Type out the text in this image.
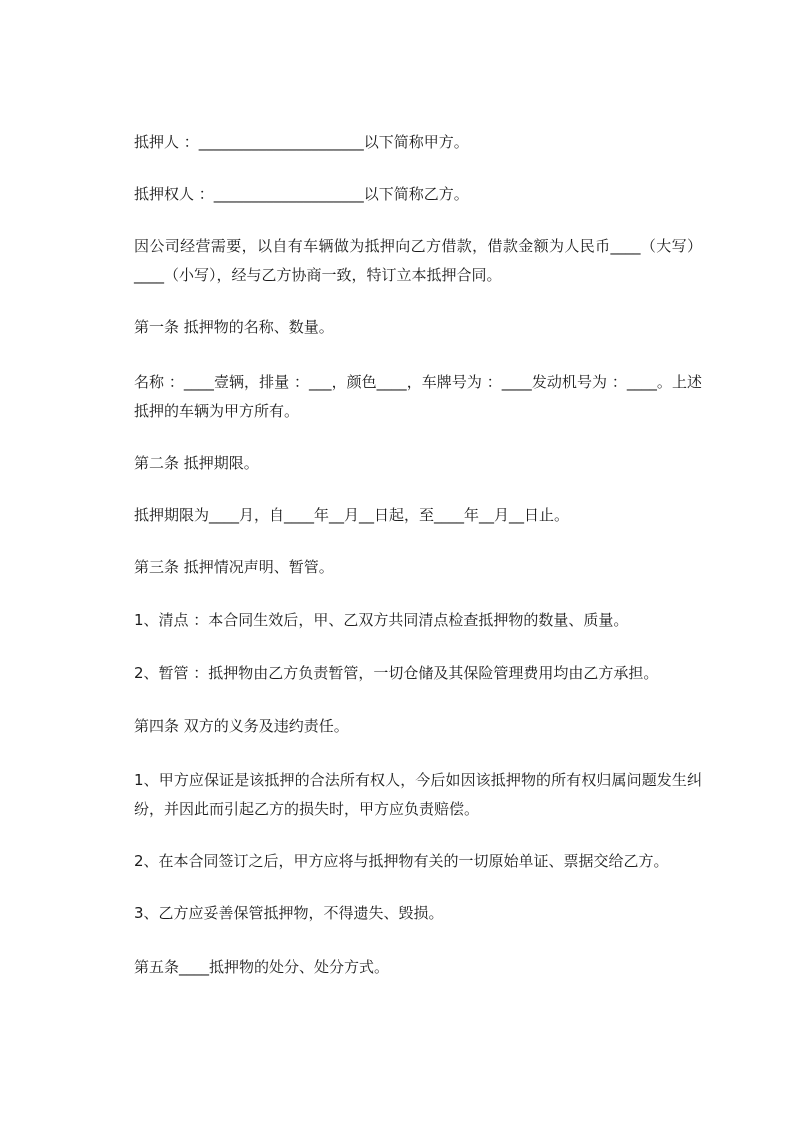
抵押人 ：______________________以下简称甲方。
抵押权人 ：____________________以下简称乙方。
因公司经营需要，以自有车辆做为抵押向乙方借款，借款金额为人民币____（大写）____（小写），经与乙方协商一致，特订立本抵押合同。
第一条 抵押物的名称、数量。
名称 ：____壹辆，排量 ：___，颜色____，车牌号为 ：____发动机号为 ：____。上述抵押的车辆为甲方所有。
第二条 抵押期限。
抵押期限为____月，自____年__月__日起，至____年__月__日止。
第三条 抵押情况声明、暂管。
1、清点 ：本合同生效后，甲、乙双方共同清点检查抵押物的数量、质量。
2、暂管 ：抵押物由乙方负责暂管，一切仓储及其保险管理费用均由乙方承担。
第四条 双方的义务及违约责任。
1、甲方应保证是该抵押的合法所有权人，今后如因该抵押物的所有权归属问题发生纠纷，并因此而引起乙方的损失时，甲方应负责赔偿。
2、在本合同签订之后，甲方应将与抵押物有关的一切原始单证、票据交给乙方。
3、乙方应妥善保管抵押物，不得遗失、毁损。
第五条____抵押物的处分、处分方式。
